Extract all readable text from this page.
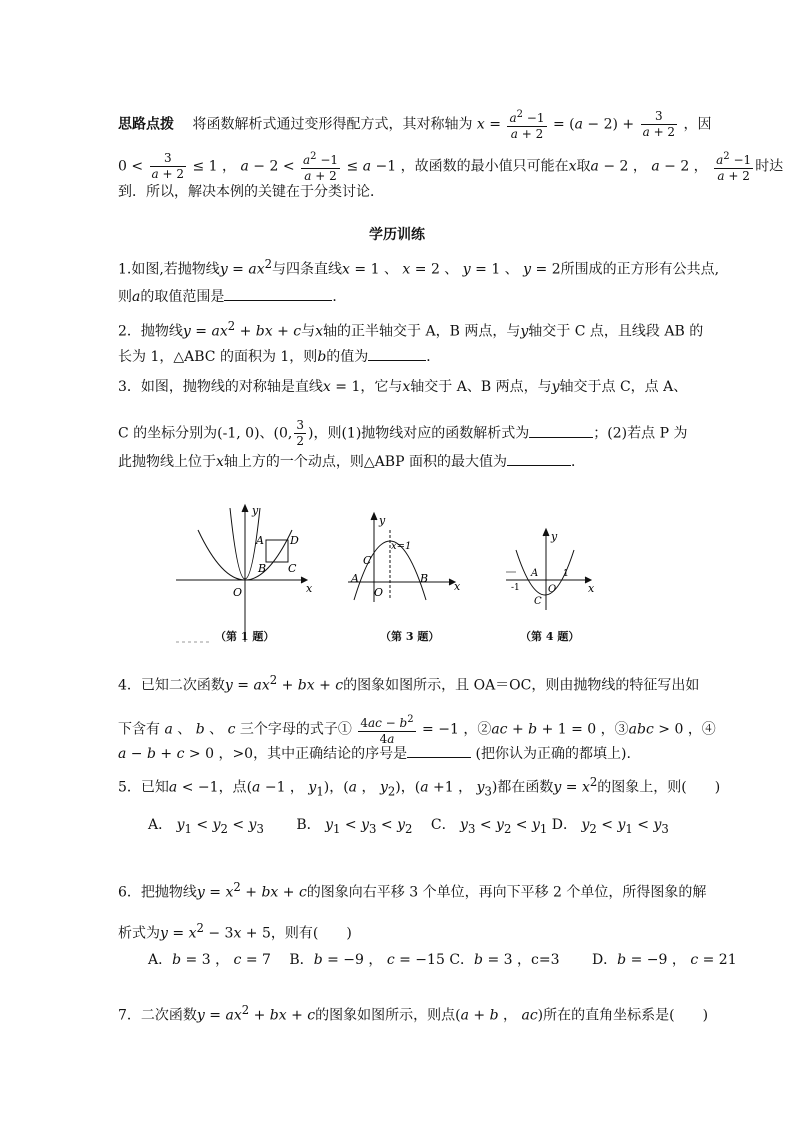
思路点拨　 将函数解析式通过变形得配方式，其对称轴为 $x = \frac{a^2 -1}{a + 2} = (a - 2) + \frac{3}{a + 2}$ ，因
$0 < \frac{3}{a + 2} \le 1$ ， $a - 2 < \frac{a^2 -1}{a + 2} \le a -1$ ，故函数的最小值只可能在x取a − 2 ， a − 2 ， $\frac{a^2 -1}{a + 2}$ 时达
到．所以，解决本例的关键在于分类讨论．
学历训练
1.如图,若抛物线$y = ax^2$与四条直线x = 1 、 x = 2 、 y = 1 、 y = 2所围成的正方形有公共点,
则a的取值范围是	．
2．抛物线$y = ax^2$ + bx + c与x轴的正半轴交于 A，B 两点，与y轴交于 C 点，且线段 AB 的
长为 1，△ABC 的面积为 1，则b的值为	．
3．如图，抛物线的对称轴是直线x = 1，它与x轴交于 A、B 两点，与y轴交于点 C，点 A、
C 的坐标分别为(-1, 0)、(0, $\frac{3}{2}$ )，则(1)抛物线对应的函数解析式为	；(2)若点 P 为
此抛物线上位于x轴上方的一个动点，则△ABP 面积的最大值为	．
y
x
O
A D
B C
y
x
x=1
C
A	B
O
y
x
-1
1
A
O
C
（第 1 题）	（第 3 题）	（第 4 题）
4．已知二次函数$y = ax^2$ + bx + c的图象如图所示，且 OA＝OC，则由抛物线的特征写出如
下含有 a 、 b 、 c 三个字母的式子① $\frac{4ac - b^2}{4a} = -1$ ，②ac + b + 1 = 0 ，③abc > 0 ，④
a − b + c > 0 ，>0，其中正确结论的序号是	(把你认为正确的都填上).
5．已知a < −1，点(a −1 ， $y_1$)，(a ， $y_2$)，(a +1 ， $y_3$)都在函数$y = x^2$的图象上，则(　　)
A． $y_1 < y_2 < y_3$　　 B． $y_1 < y_3 < y_2$　 C． $y_3 < y_2 < y_1$ D． $y_2 < y_1 < y_3$
6．把抛物线$y = x^2$ + bx + c的图象向右平移 3 个单位，再向下平移 2 个单位，所得图象的解
析式为$y = x^2 - 3x + 5$，则有(　　)
A．b = 3 ， c = 7　 B．b = −9 ， c = −15 C．b = 3 ，c=3　　 D．b = −9 ， c = 21
7．二次函数$y = ax^2$ + bx + c的图象如图所示，则点(a + b ， ac)所在的直角坐标系是(　　)
